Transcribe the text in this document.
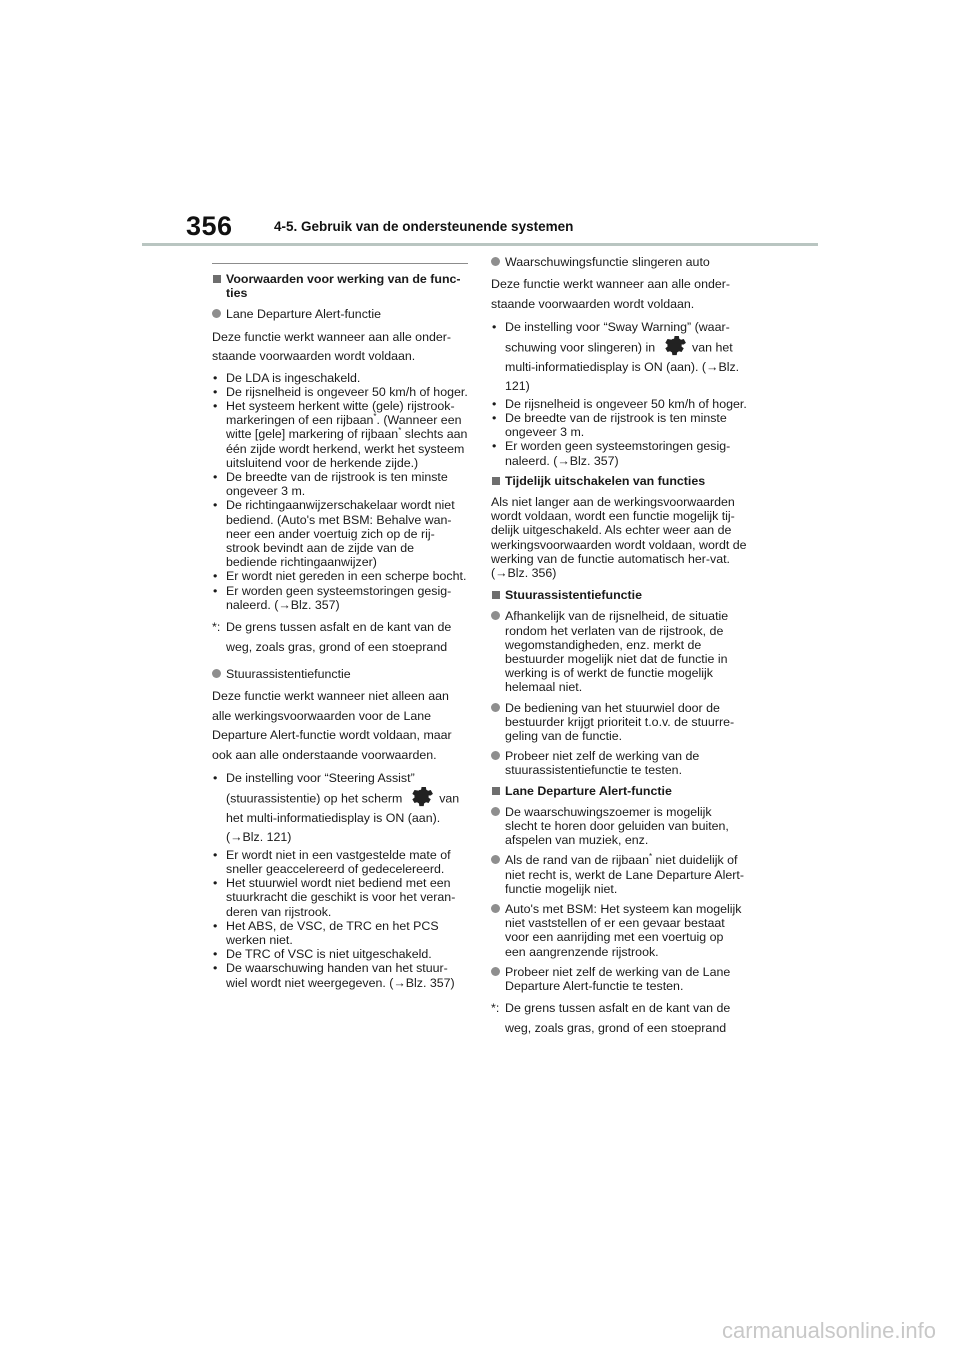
356	4-5. Gebruik van de ondersteunende systemen
Voorwaarden voor werking van de func-ties
Lane Departure Alert-functie
Deze functie werkt wanneer aan alle onder-staande voorwaarden wordt voldaan.
• De LDA is ingeschakeld.
• De rijsnelheid is ongeveer 50 km/h of hoger.
• Het systeem herkent witte (gele) rijstrook-markeringen of een rijbaan*. (Wanneer een witte [gele] markering of rijbaan* slechts aan één zijde wordt herkend, werkt het systeem uitsluitend voor de herkende zijde.)
• De breedte van de rijstrook is ten minste ongeveer 3 m.
• De richtingaanwijzerschakelaar wordt niet bediend. (Auto's met BSM: Behalve wan-neer een ander voertuig zich op de rij-strook bevindt aan de zijde van de bediende richtingaanwijzer)
• Er wordt niet gereden in een scherpe bocht.
• Er worden geen systeemstoringen gesig-naleerd. (→Blz. 357)
*: De grens tussen asfalt en de kant van de weg, zoals gras, grond of een stoeprand
Stuurassistentiefunctie
Deze functie werkt wanneer niet alleen aan alle werkingsvoorwaarden voor de Lane Departure Alert-functie wordt voldaan, maar ook aan alle onderstaande voorwaarden.
• De instelling voor “Steering Assist” (stuurassistentie) op het scherm	van het multi-informatiedisplay is ON (aan). (→Blz. 121)
• Er wordt niet in een vastgestelde mate of sneller geaccelereerd of gedecelereerd.
• Het stuurwiel wordt niet bediend met een stuurkracht die geschikt is voor het veran-deren van rijstrook.
• Het ABS, de VSC, de TRC en het PCS werken niet.
• De TRC of VSC is niet uitgeschakeld.
• De waarschuwing handen van het stuur-wiel wordt niet weergegeven. (→Blz. 357)
Waarschuwingsfunctie slingeren auto
Deze functie werkt wanneer aan alle onder-staande voorwaarden wordt voldaan.
• De instelling voor “Sway Warning” (waar-schuwing voor slingeren) in	van het multi-informatiedisplay is ON (aan). (→Blz. 121)
• De rijsnelheid is ongeveer 50 km/h of hoger.
• De breedte van de rijstrook is ten minste ongeveer 3 m.
• Er worden geen systeemstoringen gesig-naleerd. (→Blz. 357)
Tijdelijk uitschakelen van functies
Als niet langer aan de werkingsvoorwaarden wordt voldaan, wordt een functie mogelijk tij-delijk uitgeschakeld. Als echter weer aan de werkingsvoorwaarden wordt voldaan, wordt de werking van de functie automatisch her-vat. (→Blz. 356)
Stuurassistentiefunctie
Afhankelijk van de rijsnelheid, de situatie rondom het verlaten van de rijstrook, de wegomstandigheden, enz. merkt de bestuurder mogelijk niet dat de functie in werking is of werkt de functie mogelijk helemaal niet.
De bediening van het stuurwiel door de bestuurder krijgt prioriteit t.o.v. de stuurre-geling van de functie.
Probeer niet zelf de werking van de stuurassistentiefunctie te testen.
Lane Departure Alert-functie
De waarschuwingszoemer is mogelijk slecht te horen door geluiden van buiten, afspelen van muziek, enz.
Als de rand van de rijbaan* niet duidelijk of niet recht is, werkt de Lane Departure Alert-functie mogelijk niet.
Auto's met BSM: Het systeem kan mogelijk niet vaststellen of er een gevaar bestaat voor een aanrijding met een voertuig op een aangrenzende rijstrook.
Probeer niet zelf de werking van de Lane Departure Alert-functie te testen.
*: De grens tussen asfalt en de kant van de weg, zoals gras, grond of een stoeprand
carmanualsonline.info
